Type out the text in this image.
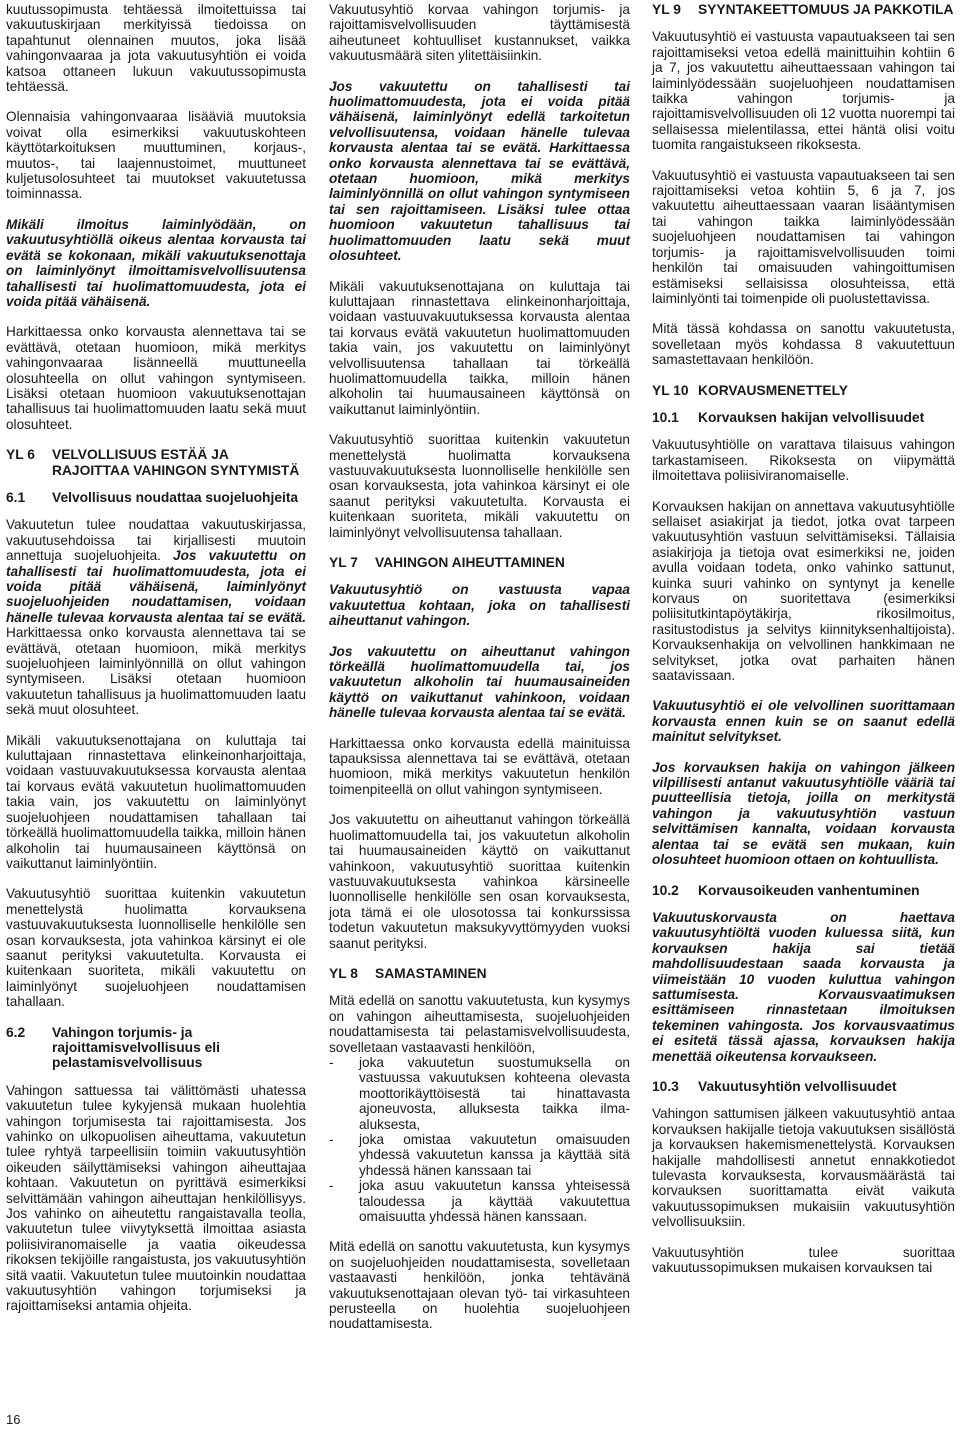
kuutussopimusta tehtäessä ilmoitettuissa tai vakuutuskirjaan merkityissä tiedoissa on tapahtunut olennainen muutos, joka lisää vahingonvaaraa ja jota vakuutusyhtiön ei voida katsoa ottaneen lukuun vakuutussopimusta tehtäessä.

Olennaisia vahingonvaaraa lisääviä muutoksia voivat olla esimerkiksi vakuutuskohteen käyttötarkoituksen muuttuminen, korjaus-, muutos-, tai laajennustoimet, muuttuneet kuljetusolosuhteet tai muutokset vakuutetussa toiminnassa.

Mikäli ilmoitus laiminlyödään, on vakuutusyhtiöllä oikeus alentaa korvausta tai evätä se kokonaan, mikäli vakuutuksenottaja on laiminlyönyt ilmoittamisvelvollisuutensa tahallisesti tai huolimattomuudesta, jota ei voida pitää vähäisenä.

Harkittaessa onko korvausta alennettava tai se evättävä, otetaan huomioon, mikä merkitys vahingonvaaraa lisänneellä muuttuneella olosuhteella on ollut vahingon syntymiseen. Lisäksi otetaan huomioon vakuutuksenottajan tahallisuus tai huolimattomuuden laatu sekä muut olosuhteet.

YL 6	VELVOLLISUUS ESTÄÄ JA RAJOITTAA VAHINGON SYNTYMISTÄ
6.1	Velvollisuus noudattaa suojeluohjeita

Vakuutetun tulee noudattaa vakuutuskirjassa, vakuutusehdoissa tai kirjallisesti muutoin annettuja suojeluohjeita. Jos vakuutettu on tahallisesti tai huolimattomuudesta, jota ei voida pitää vähäisenä, laiminlyönyt suojeluohjeiden noudattamisen, voidaan hänelle tulevaa korvausta alentaa tai se evätä. Harkittaessa onko korvausta alennettava tai se evättävä, otetaan huomioon, mikä merkitys suojeluohjeen laiminlyönnillä on ollut vahingon syntymiseen. Lisäksi otetaan huomioon vakuutetun tahallisuus ja huolimattomuuden laatu sekä muut olosuhteet.

Mikäli vakuutuksenottajana on kuluttaja tai kuluttajaan rinnastettava elinkeinonharjoittaja, voidaan vastuuvakuutuksessa korvausta alentaa tai korvaus evätä vakuutetun huolimattomuuden takia vain, jos vakuutettu on laiminlyönyt suojeluohjeen noudattamisen tahallaan tai törkeällä huolimattomuudella taikka, milloin hänen alkoholin tai huumausaineen käyttönsä on vaikuttanut laiminlyöntiin.

Vakuutusyhtiö suorittaa kuitenkin vakuutetun menettelystä huolimatta korvauksena vastuuvakuutuksesta luonnolliselle henkilölle sen osan korvauksesta, jota vahinkoa kärsinyt ei ole saanut perityksi vakuutetulta. Korvausta ei kuitenkaan suoriteta, mikäli vakuutettu on laiminlyönyt suojeluohjeen noudattamisen tahallaan.

6.2	Vahingon torjumis- ja rajoittamisvelvollisuus eli pelastamisvelvollisuus

Vahingon sattuessa tai välittömästi uhatessa vakuutetun tulee kykyjensä mukaan huolehtia vahingon torjumisesta tai rajoittamisesta. Jos vahinko on ulkopuolisen aiheuttama, vakuutetun tulee ryhtyä tarpeellisiin toimiin vakuutusyhtiön oikeuden säilyttämiseksi vahingon aiheuttajaa kohtaan. Vakuutetun on pyrittävä esimerkiksi selvittämään vahingon aiheuttajan henkilöllisyys. Jos vahinko on aiheutettu rangaistavalla teolla, vakuutetun tulee viivytyksettä ilmoittaa asiasta poliisiviranomaiselle ja vaatia oikeudessa rikoksen tekijöille rangaistusta, jos vakuutusyhtiön sitä vaatii. Vakuutetun tulee muutoinkin noudattaa vakuutusyhtiön vahingon torjumiseksi ja rajoittamiseksi antamia ohjeita.

Vakuutusyhtiö korvaa vahingon torjumis- ja rajoittamisvelvollisuuden täyttämisestä aiheutuneet kohtuulliset kustannukset, vaikka vakuutusmäärä siten ylitettäisiinkin.

Jos vakuutettu on tahallisesti tai huolimattomuudesta, jota ei voida pitää vähäisenä, laiminlyönyt edellä tarkoitetun velvollisuutensa, voidaan hänelle tulevaa korvausta alentaa tai se evätä. Harkittaessa onko korvausta alennettava tai se evättävä, otetaan huomioon, mikä merkitys laiminlyönnillä on ollut vahingon syntymiseen tai sen rajoittamiseen. Lisäksi tulee ottaa huomioon vakuutetun tahallisuus tai huolimattomuuden laatu sekä muut olosuhteet.

Mikäli vakuutuksenottajana on kuluttaja tai kuluttajaan rinnastettava elinkeinonharjoittaja, voidaan vastuuvakuutuksessa korvausta alentaa tai korvaus evätä vakuutetun huolimattomuuden takia vain, jos vakuutettu on laiminlyönyt velvollisuutensa tahallaan tai törkeällä huolimattomuudella taikka, milloin hänen alkoholin tai huumausaineen käyttönsä on vaikuttanut laiminlyöntiin.

Vakuutusyhtiö suorittaa kuitenkin vakuutetun menettelystä huolimatta korvauksena vastuuvakuutuksesta luonnolliselle henkilölle sen osan korvauksesta, jota vahinkoa kärsinyt ei ole saanut perityksi vakuutetulta. Korvausta ei kuitenkaan suoriteta, mikäli vakuutettu on laiminlyönyt velvollisuutensa tahallaan.

YL 7	VAHINGON AIHEUTTAMINEN

Vakuutusyhtiö on vastuusta vapaa vakuutettua kohtaan, joka on tahallisesti aiheuttanut vahingon.

Jos vakuutettu on aiheuttanut vahingon törkeällä huolimattomuudella tai, jos vakuutetun alkoholin tai huumausaineiden käyttö on vaikuttanut vahinkoon, voidaan hänelle tulevaa korvausta alentaa tai se evätä.

Harkittaessa onko korvausta edellä mainituissa tapauksissa alennettava tai se evättävä, otetaan huomioon, mikä merkitys vakuutetun henkilön toimenpiteellä on ollut vahingon syntymiseen.

Jos vakuutettu on aiheuttanut vahingon törkeällä huolimattomuudella tai, jos vakuutetun alkoholin tai huumausaineiden käyttö on vaikuttanut vahinkoon, vakuutusyhtiö suorittaa kuitenkin vastuuvakuutuksesta vahinkoa kärsineelle luonnolliselle henkilölle sen osan korvauksesta, jota tämä ei ole ulosotossa tai konkurssissa todetun vakuutetun maksukyvyttömyyden vuoksi saanut perityksi.

YL 8	SAMASTAMINEN

Mitä edellä on sanottu vakuutetusta, kun kysymys on vahingon aiheuttamisesta, suojeluohjeiden noudattamisesta tai pelastamisvelvollisuudesta, sovelletaan vastaavasti henkilöön,

-	joka vakuutetun suostumuksella on vastuussa vakuutuksen kohteena olevasta moottorikäyttöisestä tai hinattavasta ajoneuvosta, alluksesta taikka ilma-aluksesta,
-	joka omistaa vakuutetun omaisuuden yhdessä vakuutetun kanssa ja käyttää sitä yhdessä hänen kanssaan tai
-	joka asuu vakuutetun kanssa yhteisessä taloudessa ja käyttää vakuutettua omaisuutta yhdessä hänen kanssaan.

Mitä edellä on sanottu vakuutetusta, kun kysymys on suojeluohjeiden noudattamisesta, sovelletaan vastaavasti henkilöön, jonka tehtävänä vakuutuksenottajaan olevan työ- tai virkasuhteen perusteella on huolehtia suojeluohjeen noudattamisesta.

YL 9	SYYNTAKEETTOMUUS JA PAKKOTILA

Vakuutusyhtiö ei vastuusta vapautuakseen tai sen rajoittamiseksi vetoa edellä mainittuihin kohtiin 6 ja 7, jos vakuutettu aiheuttaessaan vahingon tai laiminlyödessään suojeluohjeen noudattamisen taikka vahingon torjumis- ja rajoittamisvelvollisuuden oli 12 vuotta nuorempi tai sellaisessa mielentilassa, ettei häntä olisi voitu tuomita rangaistukseen rikoksesta.

Vakuutusyhtiö ei vastuusta vapautuakseen tai sen rajoittamiseksi vetoa kohtiin 5, 6 ja 7, jos vakuutettu aiheuttaessaan vaaran lisääntymisen tai vahingon taikka laiminlyödessään suojeluohjeen noudattamisen tai vahingon torjumis- ja rajoittamisvelvollisuuden toimi henkilön tai omaisuuden vahingoittumisen estämiseksi sellaisissa olosuhteissa, että laiminlyönti tai toimenpide oli puolustettavissa.

Mitä tässä kohdassa on sanottu vakuutetusta, sovelletaan myös kohdassa 8 vakuutettuun samastettavaan henkilöön.

YL 10 KORVAUSMENETTELY
10.1	Korvauksen hakijan velvollisuudet

Vakuutusyhtiölle on varattava tilaisuus vahingon tarkastamiseen. Rikoksesta on viipymättä ilmoitettava poliisiviranomaiselle.

Korvauksen hakijan on annettava vakuutusyhtiölle sellaiset asiakirjat ja tiedot, jotka ovat tarpeen vakuutusyhtiön vastuun selvittämiseksi. Tällaisia asiakirjoja ja tietoja ovat esimerkiksi ne, joiden avulla voidaan todeta, onko vahinko sattunut, kuinka suuri vahinko on syntynyt ja kenelle korvaus on suoritettava (esimerkiksi poliisitutkintapöytäkirja, rikosilmoitus, rasitustodistus ja selvitys kiinnityksenhaltijoista). Korvauksenhakija on velvollinen hankkimaan ne selvitykset, jotka ovat parhaiten hänen saatavissaan.

Vakuutusyhtiö ei ole velvollinen suorittamaan korvausta ennen kuin se on saanut edellä mainitut selvitykset.

Jos korvauksen hakija on vahingon jälkeen vilpillisesti antanut vakuutusyhtiölle vääriä tai puutteellisia tietoja, joilla on merkitystä vahingon ja vakuutusyhtiön vastuun selvittämisen kannalta, voidaan korvausta alentaa tai se evätä sen mukaan, kuin olosuhteet huomioon ottaen on kohtuullista.

10.2	Korvausoikeuden vanhentuminen

Vakuutuskorvausta on haettava vakuutusyhtiöltä vuoden kuluessa siitä, kun korvauksen hakija sai tietää mahdollisuudestaan saada korvausta ja viimeistään 10 vuoden kuluttua vahingon sattumisesta. Korvausvaatimuksen esittämiseen rinnastetaan ilmoituksen tekeminen vahingosta. Jos korvausvaatimus ei esitetä tässä ajassa, korvauksen hakija menettää oikeutensa korvaukseen.

10.3	Vakuutusyhtiön velvollisuudet

Vahingon sattumisen jälkeen vakuutusyhtiö antaa korvauksen hakijalle tietoja vakuutuksen sisällöstä ja korvauksen hakemismenettelystä. Korvauksen hakijalle mahdollisesti annetut ennakkotiedot tulevasta korvauksesta, korvausmäärästä tai korvauksen suorittamatta eivät vaikuta vakuutussopimuksen mukaisiin vakuutusyhtiön velvollisuuksiin.

Vakuutusyhtiön tulee suorittaa vakuutussopimuksen mukaisen korvauksen tai

16
